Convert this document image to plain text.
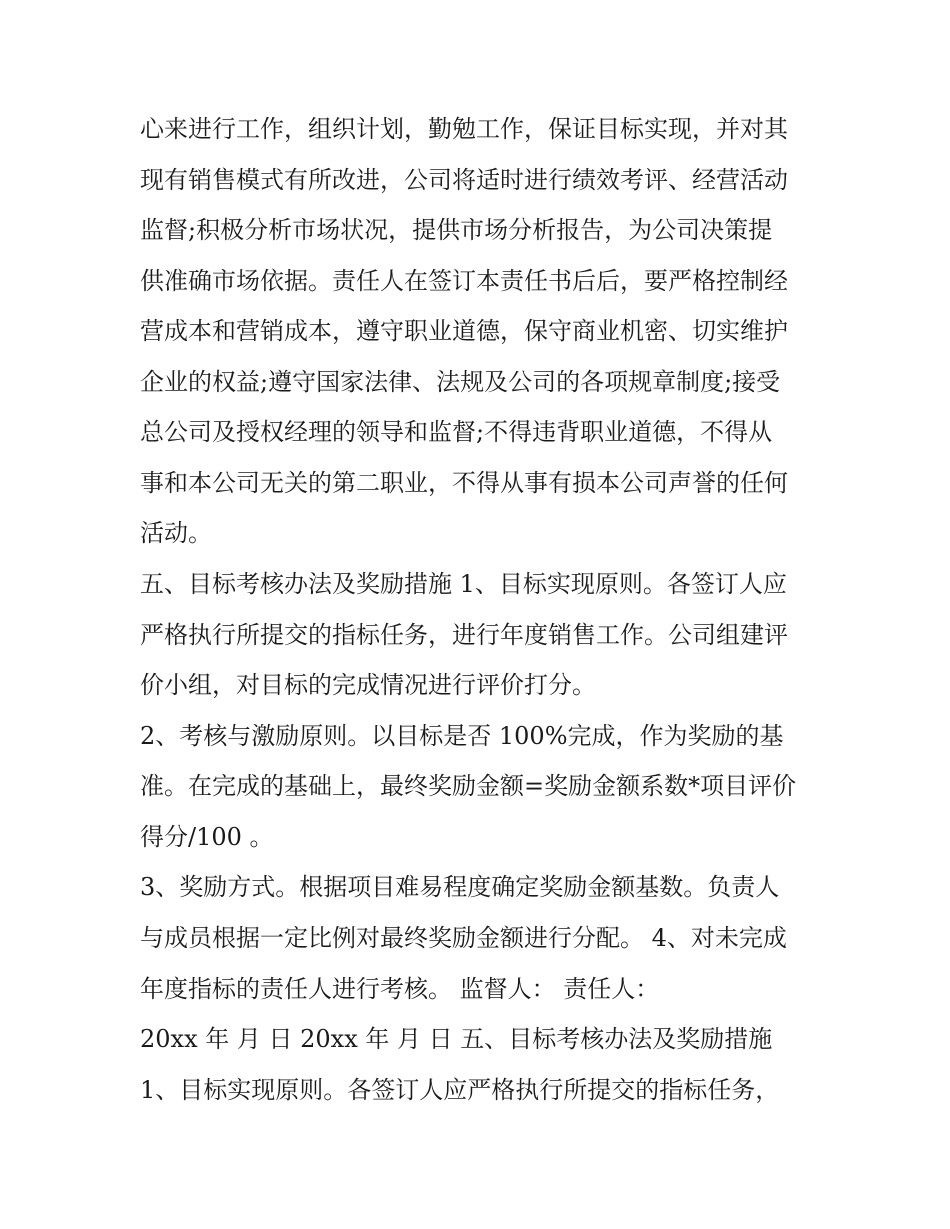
心来进行工作，组织计划，勤勉工作，保证目标实现，并对其
现有销售模式有所改进，公司将适时进行绩效考评、经营活动
监督;积极分析市场状况，提供市场分析报告，为公司决策提
供准确市场依据。责任人在签订本责任书后后，要严格控制经
营成本和营销成本，遵守职业道德，保守商业机密、切实维护
企业的权益;遵守国家法律、法规及公司的各项规章制度;接受
总公司及授权经理的领导和监督;不得违背职业道德，不得从
事和本公司无关的第二职业，不得从事有损本公司声誉的任何
活动。
五、目标考核办法及奖励措施 1、目标实现原则。各签订人应
严格执行所提交的指标任务，进行年度销售工作。公司组建评
价小组，对目标的完成情况进行评价打分。
2、考核与激励原则。以目标是否 100%完成，作为奖励的基
准。在完成的基础上，最终奖励金额=奖励金额系数*项目评价
得分/100 。
3、奖励方式。根据项目难易程度确定奖励金额基数。负责人
与成员根据一定比例对最终奖励金额进行分配。 4、对未完成
年度指标的责任人进行考核。 监督人： 责任人：
20xx 年 月 日 20xx 年 月 日 五、目标考核办法及奖励措施
1、目标实现原则。各签订人应严格执行所提交的指标任务，
